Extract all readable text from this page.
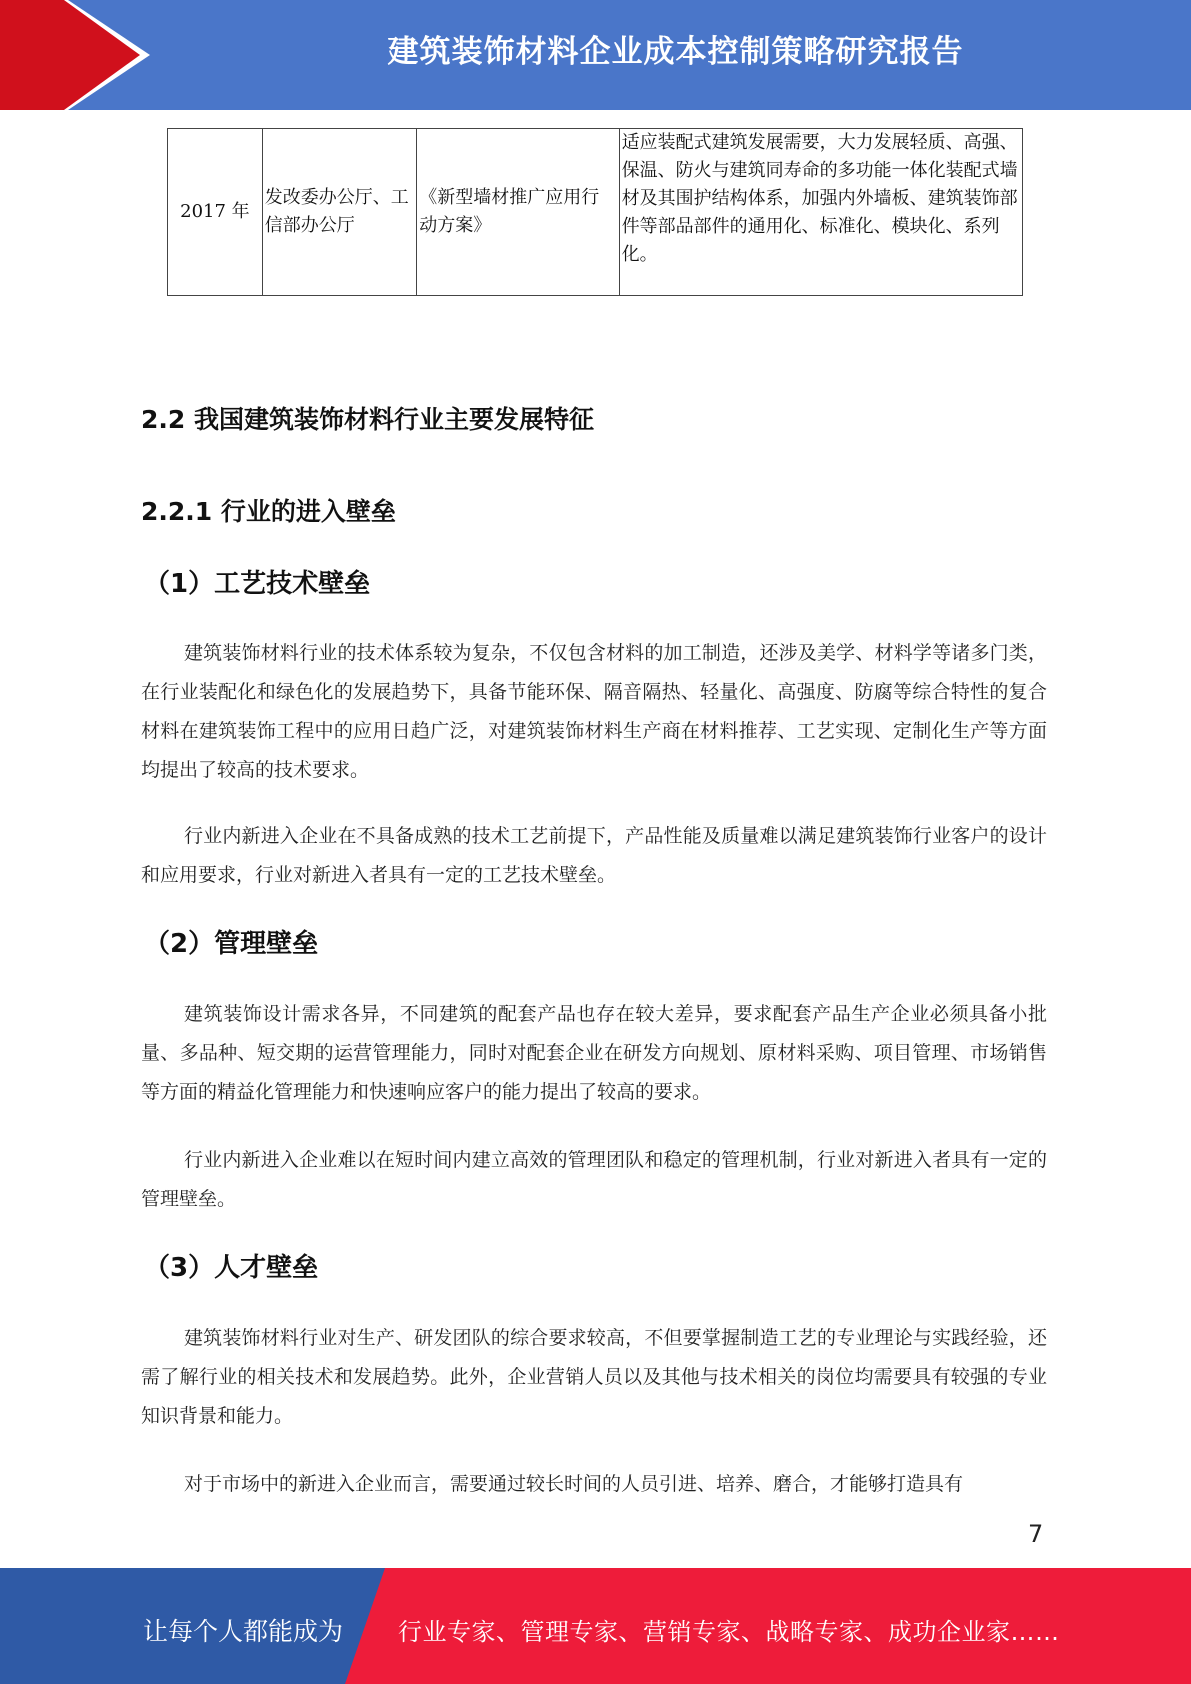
建筑装饰材料企业成本控制策略研究报告
2017 年	发改委办公厅、工信部办公厅	《新型墙材推广应用行动方案》	适应装配式建筑发展需要，大力发展轻质、高强、保温、防火与建筑同寿命的多功能一体化装配式墙材及其围护结构体系，加强内外墙板、建筑装饰部件等部品部件的通用化、标准化、模块化、系列化。
2.2 我国建筑装饰材料行业主要发展特征
2.2.1 行业的进入壁垒
（1）工艺技术壁垒
建筑装饰材料行业的技术体系较为复杂，不仅包含材料的加工制造，还涉及美学、材料学等诸多门类，在行业装配化和绿色化的发展趋势下，具备节能环保、隔音隔热、轻量化、高强度、防腐等综合特性的复合材料在建筑装饰工程中的应用日趋广泛，对建筑装饰材料生产商在材料推荐、工艺实现、定制化生产等方面均提出了较高的技术要求。
行业内新进入企业在不具备成熟的技术工艺前提下，产品性能及质量难以满足建筑装饰行业客户的设计和应用要求，行业对新进入者具有一定的工艺技术壁垒。
（2）管理壁垒
建筑装饰设计需求各异，不同建筑的配套产品也存在较大差异，要求配套产品生产企业必须具备小批量、多品种、短交期的运营管理能力，同时对配套企业在研发方向规划、原材料采购、项目管理、市场销售等方面的精益化管理能力和快速响应客户的能力提出了较高的要求。
行业内新进入企业难以在短时间内建立高效的管理团队和稳定的管理机制，行业对新进入者具有一定的管理壁垒。
（3）人才壁垒
建筑装饰材料行业对生产、研发团队的综合要求较高，不但要掌握制造工艺的专业理论与实践经验，还需了解行业的相关技术和发展趋势。此外，企业营销人员以及其他与技术相关的岗位均需要具有较强的专业知识背景和能力。
对于市场中的新进入企业而言，需要通过较长时间的人员引进、培养、磨合，才能够打造具有
7
让每个人都能成为 行业专家、管理专家、营销专家、战略专家、成功企业家……
